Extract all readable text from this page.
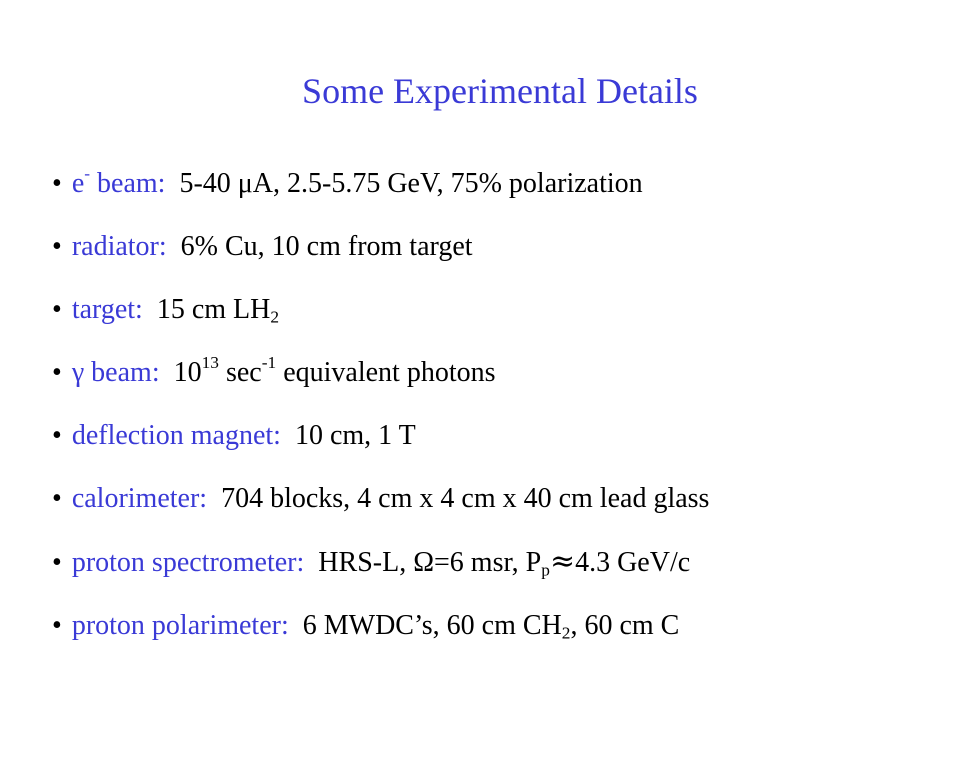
Some Experimental Details
• e- beam: 5-40 μA, 2.5-5.75 GeV, 75% polarization
• radiator: 6% Cu, 10 cm from target
• target: 15 cm $LH_2$
• γ beam: $10^{13}$ $\sec^{-1}$ equivalent photons
• deflection magnet: 10 cm, 1 T
• calorimeter: 704 blocks, 4 cm x 4 cm x 40 cm lead glass
• proton spectrometer: HRS-L, Ω=6 msr, $P_p\approx 4.3$ GeV/c
• proton polarimeter: 6 MWDC’s, 60 cm $CH_2$, 60 cm C
